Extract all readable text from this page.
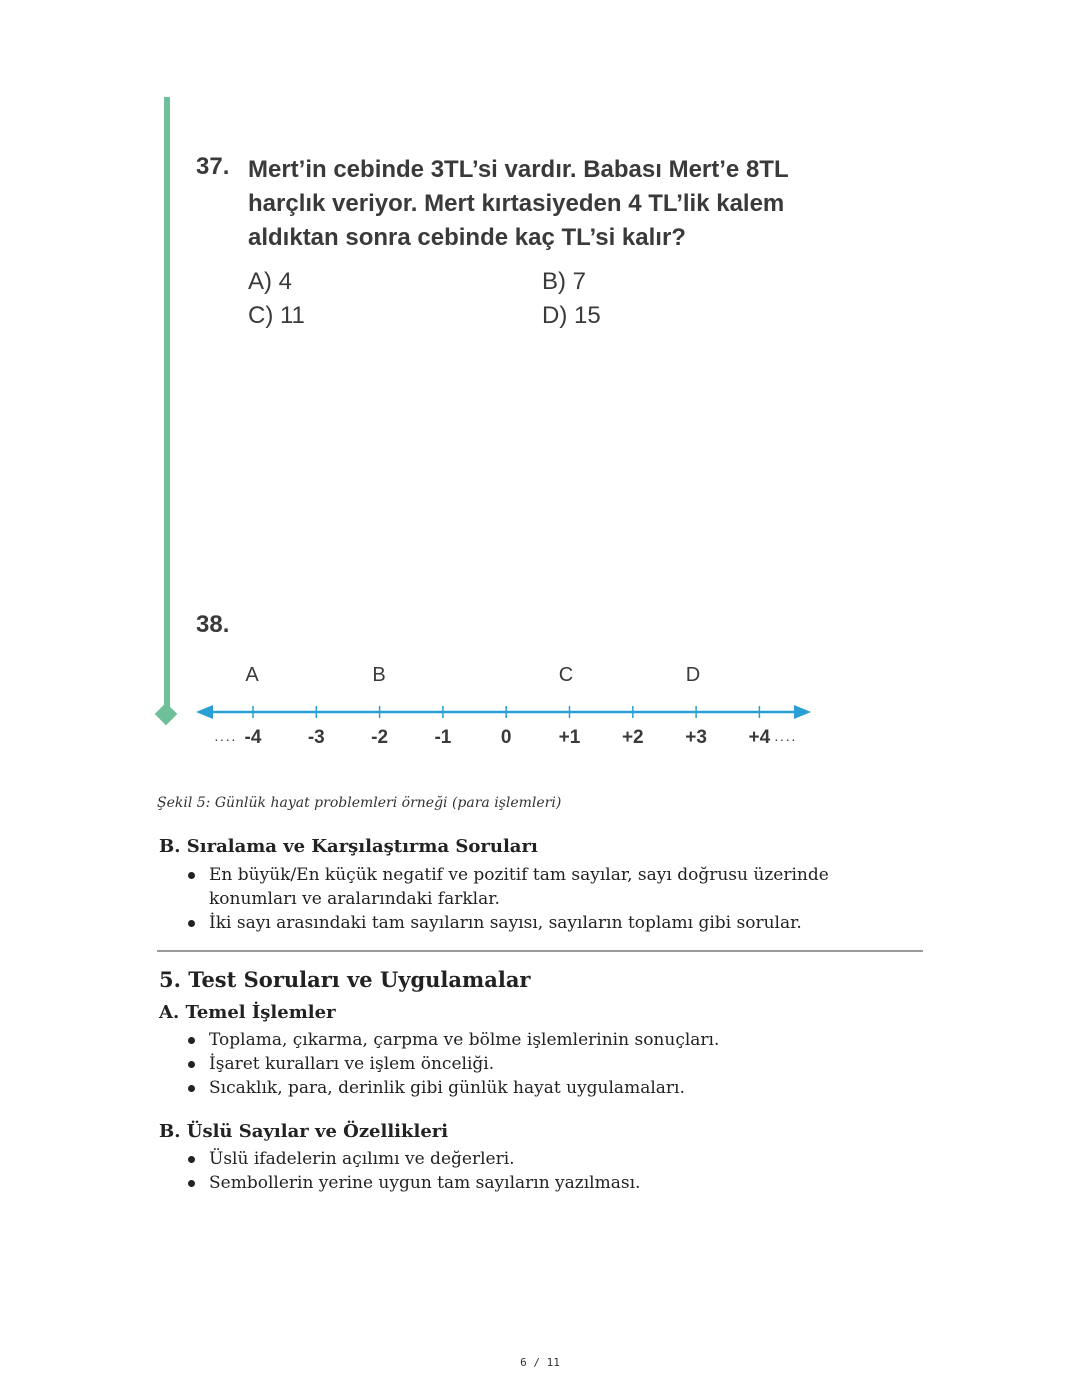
37. Mert’in cebinde 3TL’si vardır. Babası Mert’e 8TL harçlık veriyor. Mert kırtasiyeden 4 TL’lik kalem aldıktan sonra cebinde kaç TL’si kalır?

A) 4	B) 7
C) 11	D) 15
38.
A	B	C	D
-4 -3 -2 -1	0 +1 +2 +3 +4
····	····
Şekil 5: Günlük hayat problemleri örneği (para işlemleri)
B. Sıralama ve Karşılaştırma Soruları
En büyük/En küçük negatif ve pozitif tam sayılar, sayı doğrusu üzerinde konumları ve aralarındaki farklar.
İki sayı arasındaki tam sayıların sayısı, sayıların toplamı gibi sorular.
5. Test Soruları ve Uygulamalar
A. Temel İşlemler
Toplama, çıkarma, çarpma ve bölme işlemlerinin sonuçları.
İşaret kuralları ve işlem önceliği.
Sıcaklık, para, derinlik gibi günlük hayat uygulamaları.
B. Üslü Sayılar ve Özellikleri
Üslü ifadelerin açılımı ve değerleri.
Sembollerin yerine uygun tam sayıların yazılması.
6 / 11
